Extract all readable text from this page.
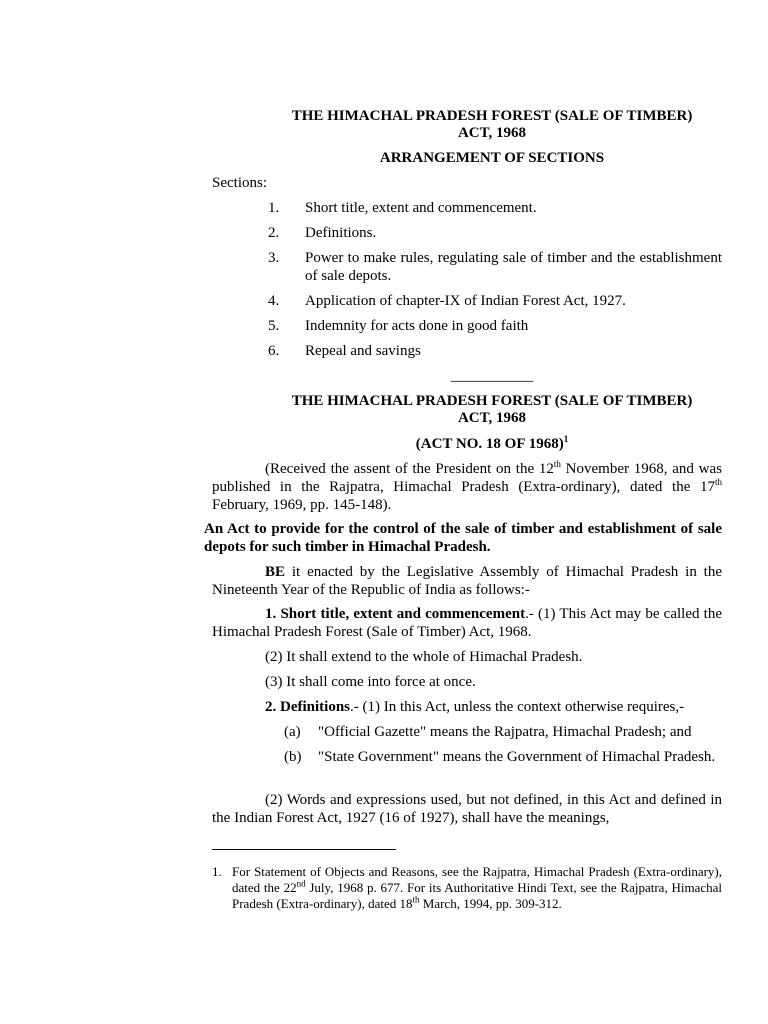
THE HIMACHAL PRADESH FOREST (SALE OF TIMBER)
ACT, 1968
ARRANGEMENT OF SECTIONS
Sections:
1. Short title, extent and commencement.
2. Definitions.
3. Power to make rules, regulating sale of timber and the establishment of sale depots.
4. Application of chapter-IX of Indian Forest Act, 1927.
5. Indemnity for acts done in good faith
6. Repeal and savings
___________
THE HIMACHAL PRADESH FOREST (SALE OF TIMBER)
ACT, 1968
(ACT NO. 18 OF 1968)$^1$
(Received the assent of the President on the 12th November 1968, and was published in the Rajpatra, Himachal Pradesh (Extra-ordinary), dated the 17th February, 1969, pp. 145-148).
An Act to provide for the control of the sale of timber and establishment of sale depots for such timber in Himachal Pradesh.
BE it enacted by the Legislative Assembly of Himachal Pradesh in the Nineteenth Year of the Republic of India as follows:-
1. Short title, extent and commencement.- (1) This Act may be called the Himachal Pradesh Forest (Sale of Timber) Act, 1968.
(2) It shall extend to the whole of Himachal Pradesh.
(3) It shall come into force at once.
2. Definitions.- (1) In this Act, unless the context otherwise requires,-
(a) "Official Gazette" means the Rajpatra, Himachal Pradesh; and
(b) "State Government" means the Government of Himachal Pradesh.
(2) Words and expressions used, but not defined, in this Act and defined in the Indian Forest Act, 1927 (16 of 1927), shall have the meanings,
1. For Statement of Objects and Reasons, see the Rajpatra, Himachal Pradesh (Extra-ordinary), dated the 22nd July, 1968 p. 677. For its Authoritative Hindi Text, see the Rajpatra, Himachal Pradesh (Extra-ordinary), dated 18th March, 1994, pp. 309-312.
